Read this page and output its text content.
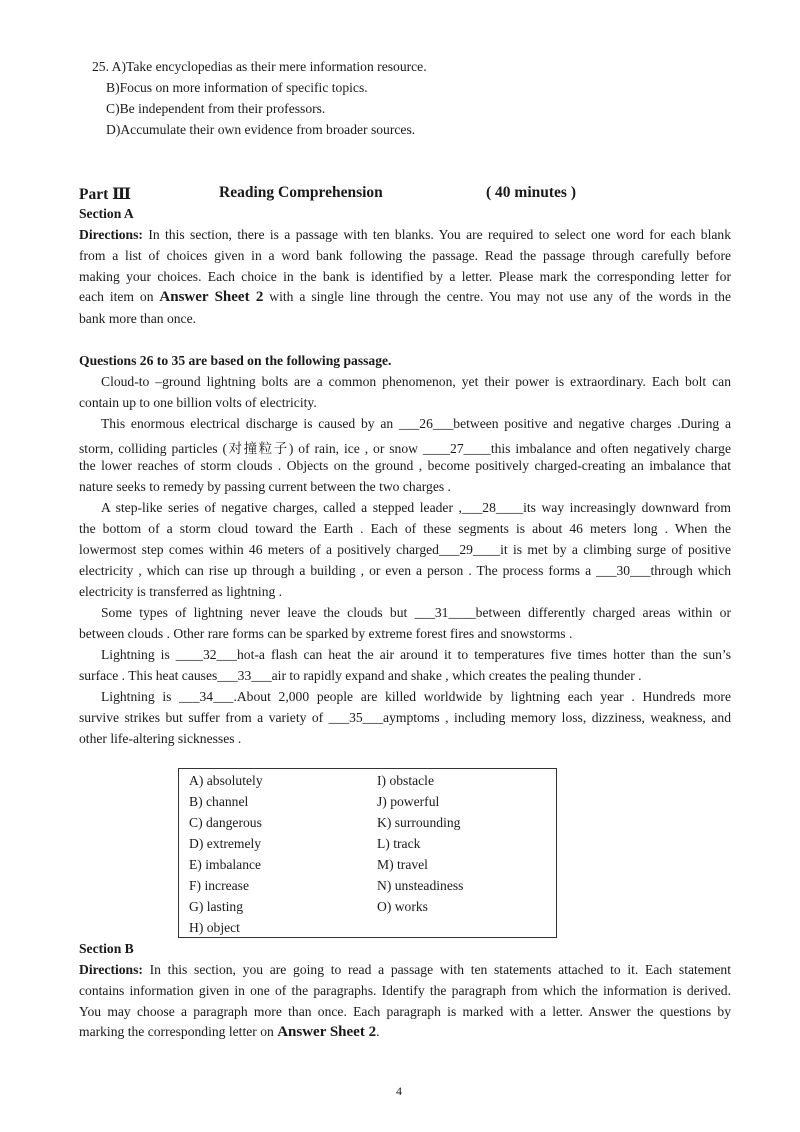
25. A)Take encyclopedias as their mere information resource.
B)Focus on more information of specific topics.
C)Be independent from their professors.
D)Accumulate their own evidence from broader sources.
Part Ⅲ	Reading Comprehension	( 40 minutes )
Section A
Directions: In this section, there is a passage with ten blanks. You are required to select one word for each blank
from a list of choices given in a word bank following the passage. Read the passage through carefully before
making your choices. Each choice in the bank is identified by a letter. Please mark the corresponding letter for
each item on Answer Sheet 2 with a single line through the centre. You may not use any of the words in the
bank more than once.
Questions 26 to 35 are based on the following passage.
Cloud-to –ground lightning bolts are a common phenomenon, yet their power is extraordinary. Each bolt can
contain up to one billion volts of electricity.
This enormous electrical discharge is caused by an ___26___between positive and negative charges .During a
storm, colliding particles (对撞粒子) of rain, ice , or snow ____27____this imbalance and often negatively charge
the lower reaches of storm clouds . Objects on the ground , become positively charged-creating an imbalance that
nature seeks to remedy by passing current between the two charges .
A step-like series of negative charges, called a stepped leader ,___28____its way increasingly downward from
the bottom of a storm cloud toward the Earth . Each of these segments is about 46 meters long . When the
lowermost step comes within 46 meters of a positively charged___29____it is met by a climbing surge of positive
electricity , which can rise up through a building , or even a person . The process forms a ___30___through which
electricity is transferred as lightning .
Some types of lightning never leave the clouds but ___31____between differently charged areas within or
between clouds . Other rare forms can be sparked by extreme forest fires and snowstorms .
Lightning is ____32___hot-a flash can heat the air around it to temperatures five times hotter than the sun’s
surface . This heat causes___33___air to rapidly expand and shake , which creates the pealing thunder .
Lightning is ___34___.About 2,000 people are killed worldwide by lightning each year . Hundreds more
survive strikes but suffer from a variety of ___35___aymptoms , including memory loss, dizziness, weakness, and
other life-altering sicknesses .
A) absolutely
B) channel
C) dangerous
D) extremely
E) imbalance
F) increase
G) lasting
H) object
I) obstacle
J) powerful
K) surrounding
L) track
M) travel
N) unsteadiness
O) works
Section B
Directions: In this section, you are going to read a passage with ten statements attached to it. Each statement
contains information given in one of the paragraphs. Identify the paragraph from which the information is derived.
You may choose a paragraph more than once. Each paragraph is marked with a letter. Answer the questions by
marking the corresponding letter on Answer Sheet 2.
4
